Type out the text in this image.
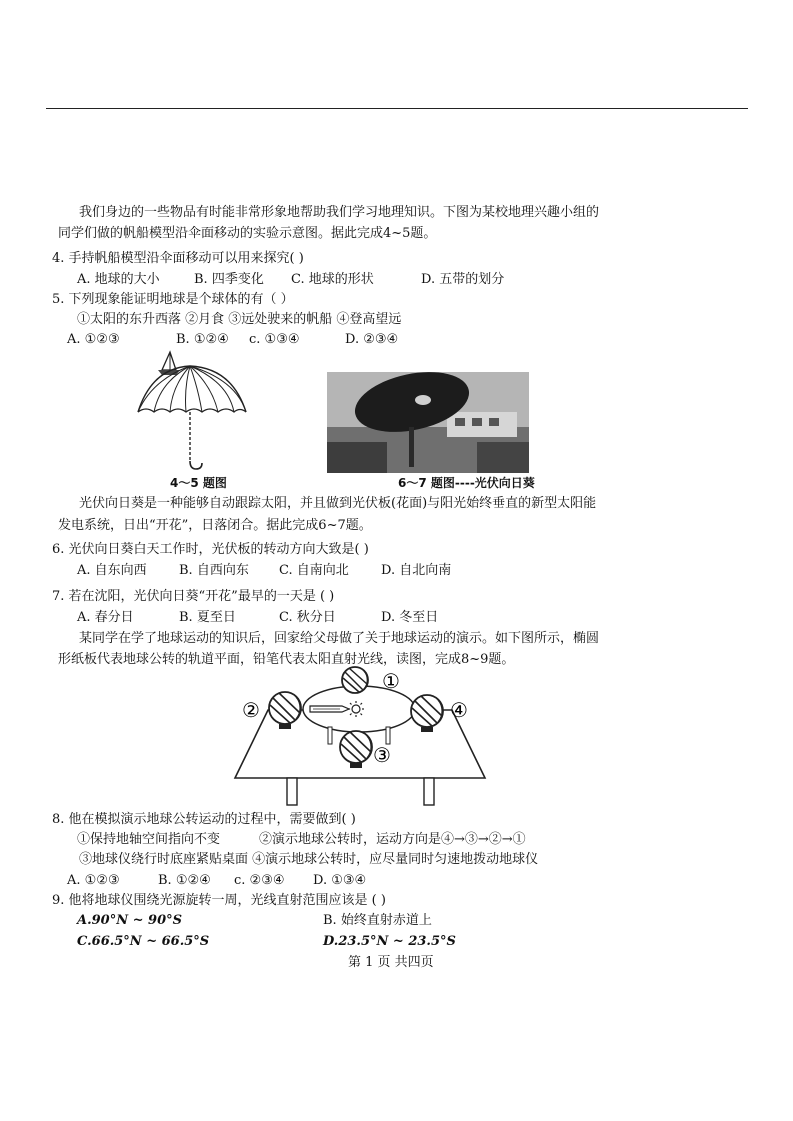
我们身边的一些物品有时能非常形象地帮助我们学习地理知识。下图为某校地理兴趣小组的
同学们做的帆船模型沿伞面移动的实验示意图。据此完成4~5题。
4. 手持帆船模型沿伞面移动可以用来探究( )
A. 地球的大小	B. 四季变化 C. 地球的形状	D. 五带的划分
5. 下列现象能证明地球是个球体的有（ ）
①太阳的东升西落 ②月食 ③远处驶来的帆船 ④登高望远
A. ①②③	B. ①②④ c. ①③④	D. ②③④
4～5 题图	6～7 题图----光伏向日葵
光伏向日葵是一种能够自动跟踪太阳，并且做到光伏板(花面)与阳光始终垂直的新型太阳能
发电系统，日出“开花”，日落闭合。据此完成6~7题。
6. 光伏向日葵白天工作时，光伏板的转动方向大致是( )
A. 自东向西 B. 自西向东 C. 自南向北 D. 自北向南
7. 若在沈阳，光伏向日葵“开花”最早的一天是 ( )
A. 春分日	B. 夏至日	C. 秋分日	D. 冬至日
某同学在学了地球运动的知识后，回家给父母做了关于地球运动的演示。如下图所示，椭圆
形纸板代表地球公转的轨道平面，铅笔代表太阳直射光线，读图，完成8~9题。
①
②
③
④
8. 他在模拟演示地球公转运动的过程中，需要做到( )
①保持地轴空间指向不变	②演示地球公转时，运动方向是④→③→②→①
③地球仪绕行时底座紧贴桌面 ④演示地球公转时，应尽量同时匀速地拨动地球仪
A. ①②③	B. ①②④ c. ②③④ D. ①③④
9. 他将地球仪围绕光源旋转一周，光线直射范围应该是 ( )
A.90°N ~ 90°S	B. 始终直射赤道上
C.66.5°N ~ 66.5°S	D.23.5°N ~ 23.5°S
第 1 页 共四页
